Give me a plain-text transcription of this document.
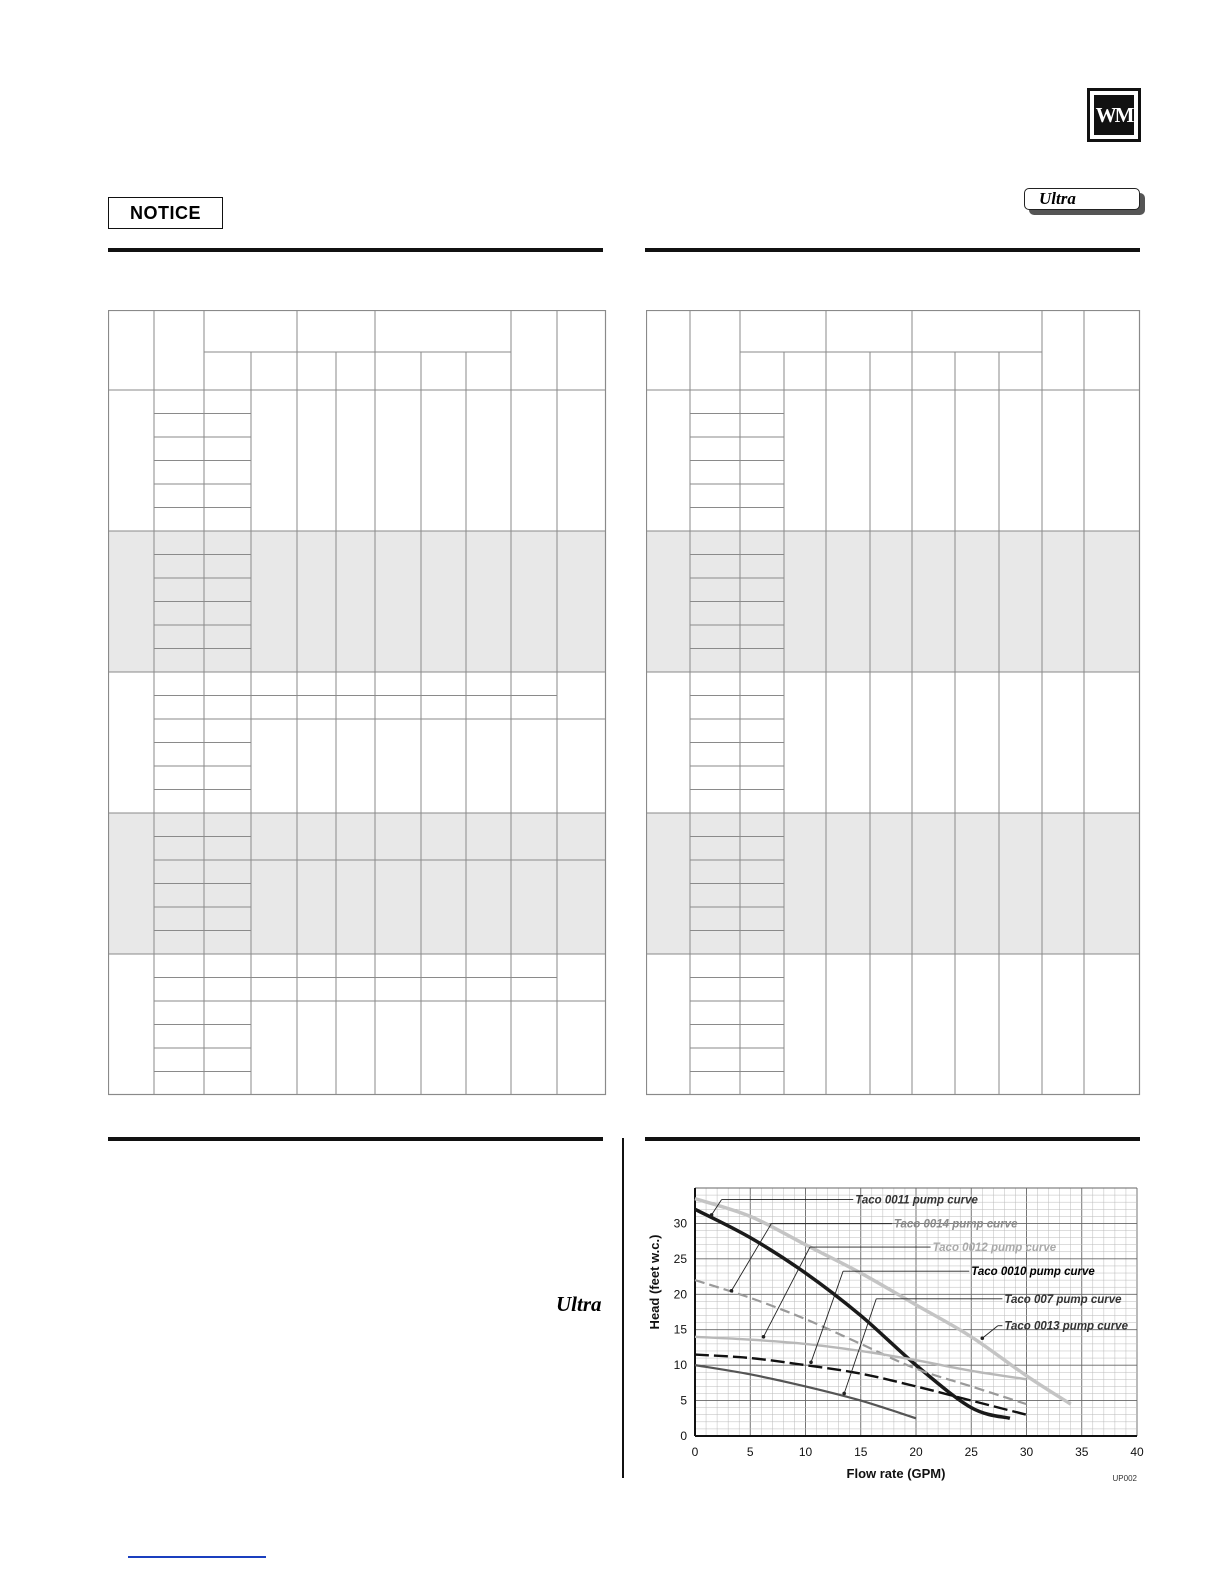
WM
NOTICE
Ultra
Ultra
0	5	10	15	20	25	30	35	40
0
5
10
15
20
25
30
Flow rate (GPM)
Head (feet w.c.)
UP002
Taco 0011 pump curve
Taco 0014 pump curve
Taco 0012 pump curve
Taco 0010 pump curve
Taco 007 pump curve
Taco 0013 pump curve
